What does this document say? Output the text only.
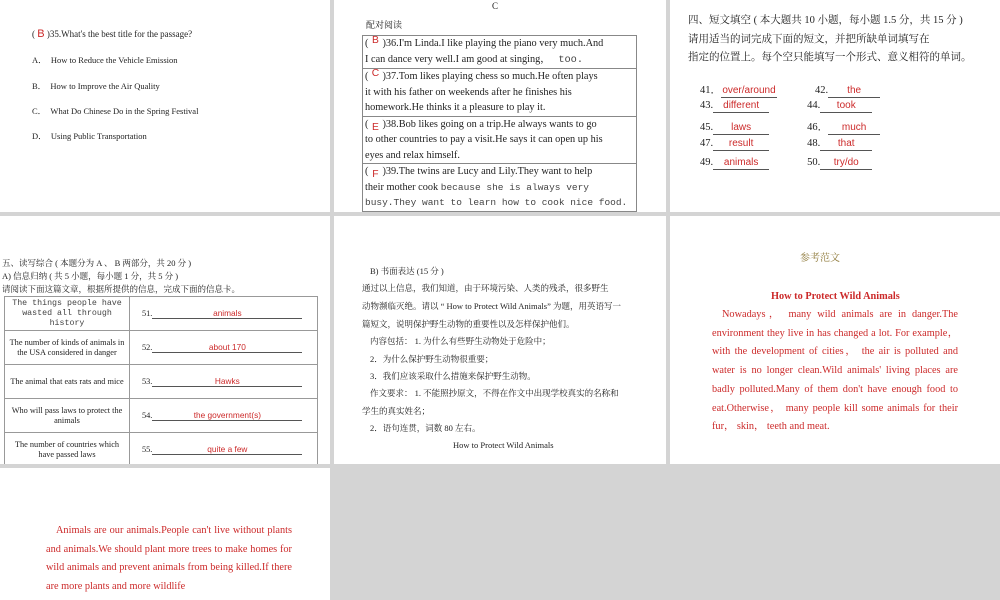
( B )35.What's the best title for the passage?
A． How to Reduce the Vehicle Emission
B． How to Improve the Air Quality
C． What Do Chinese Do in the Spring Festival
D． Using Public Transportation
C
配对阅读
( B )36.I'm Linda.I like playing the piano very much.And
I can dance very well.I am good at singing， too.
( C )37.Tom likes playing chess so much.He often plays
it with his father on weekends after he finishes his
homework.He thinks it a pleasure to play it.
( E )38.Bob likes going on a trip.He always wants to go
to other countries to pay a visit.He says it can open up his
eyes and relax himself.
( F )39.The twins are Lucy and Lily.They want to help
their mother cook because she is always very
busy.They want to learn how to cook nice food.
四、短文填空 ( 本大题共 10 小题，每小题 1.5 分，共 15 分 )
请用适当的词完成下面的短文，并把所缺单词填写在
指定的位置上。每个空只能填写一个形式、意义相符的单词。
41．over/around	42. the
43. different	44. took
45. laws	46． much
47. result	48. that
49. animals	50. try/do
五、读写综合 ( 本题分为 A 、 B 两部分，共 20 分 )
A) 信息归纳 ( 共 5 小题，每小题 1 分，共 5 分 )
请阅读下面这篇文章，根据所提供的信息，完成下面的信息卡。
The things people have wasted all through history	51. animals
The number of kinds of animals in the USA considered in danger	52. about 170
The animal that eats rats and mice	53. Hawks
Who will pass laws to protect the animals	54. the government(s)
The number of countries which have passed laws	55. quite a few
B) 书面表达 (15 分 )
通过以上信息，我们知道，由于环境污染、人类的残杀，很多野生
动物濒临灭绝。请以 “ How to Protect Wild Animals” 为题，用英语写一
篇短文，说明保护野生动物的重要性以及怎样保护他们。
内容包括： 1. 为什么有些野生动物处于危险中；
2．为什么保护野生动物很重要；
3．我们应该采取什么措施来保护野生动物。
作文要求： 1. 不能照抄原文，不得在作文中出现学校真实的名称和
学生的真实姓名；
2．语句连贯，词数 80 左右。
How to Protect Wild Animals
参考范文
How to Protect Wild Animals
Nowadays， many wild animals are in danger.The environment they live in has changed a lot. For example， with the development of cities， the air is polluted and water is no longer clean.Wild animals' living places are badly polluted.Many of them don't have enough food to eat.Otherwise， many people kill some animals for their fur， skin， teeth and meat.
Animals are our animals.People can't live without plants and animals.We should plant more trees to make homes for wild animals and prevent animals from being killed.If there are more plants and more wildlife
